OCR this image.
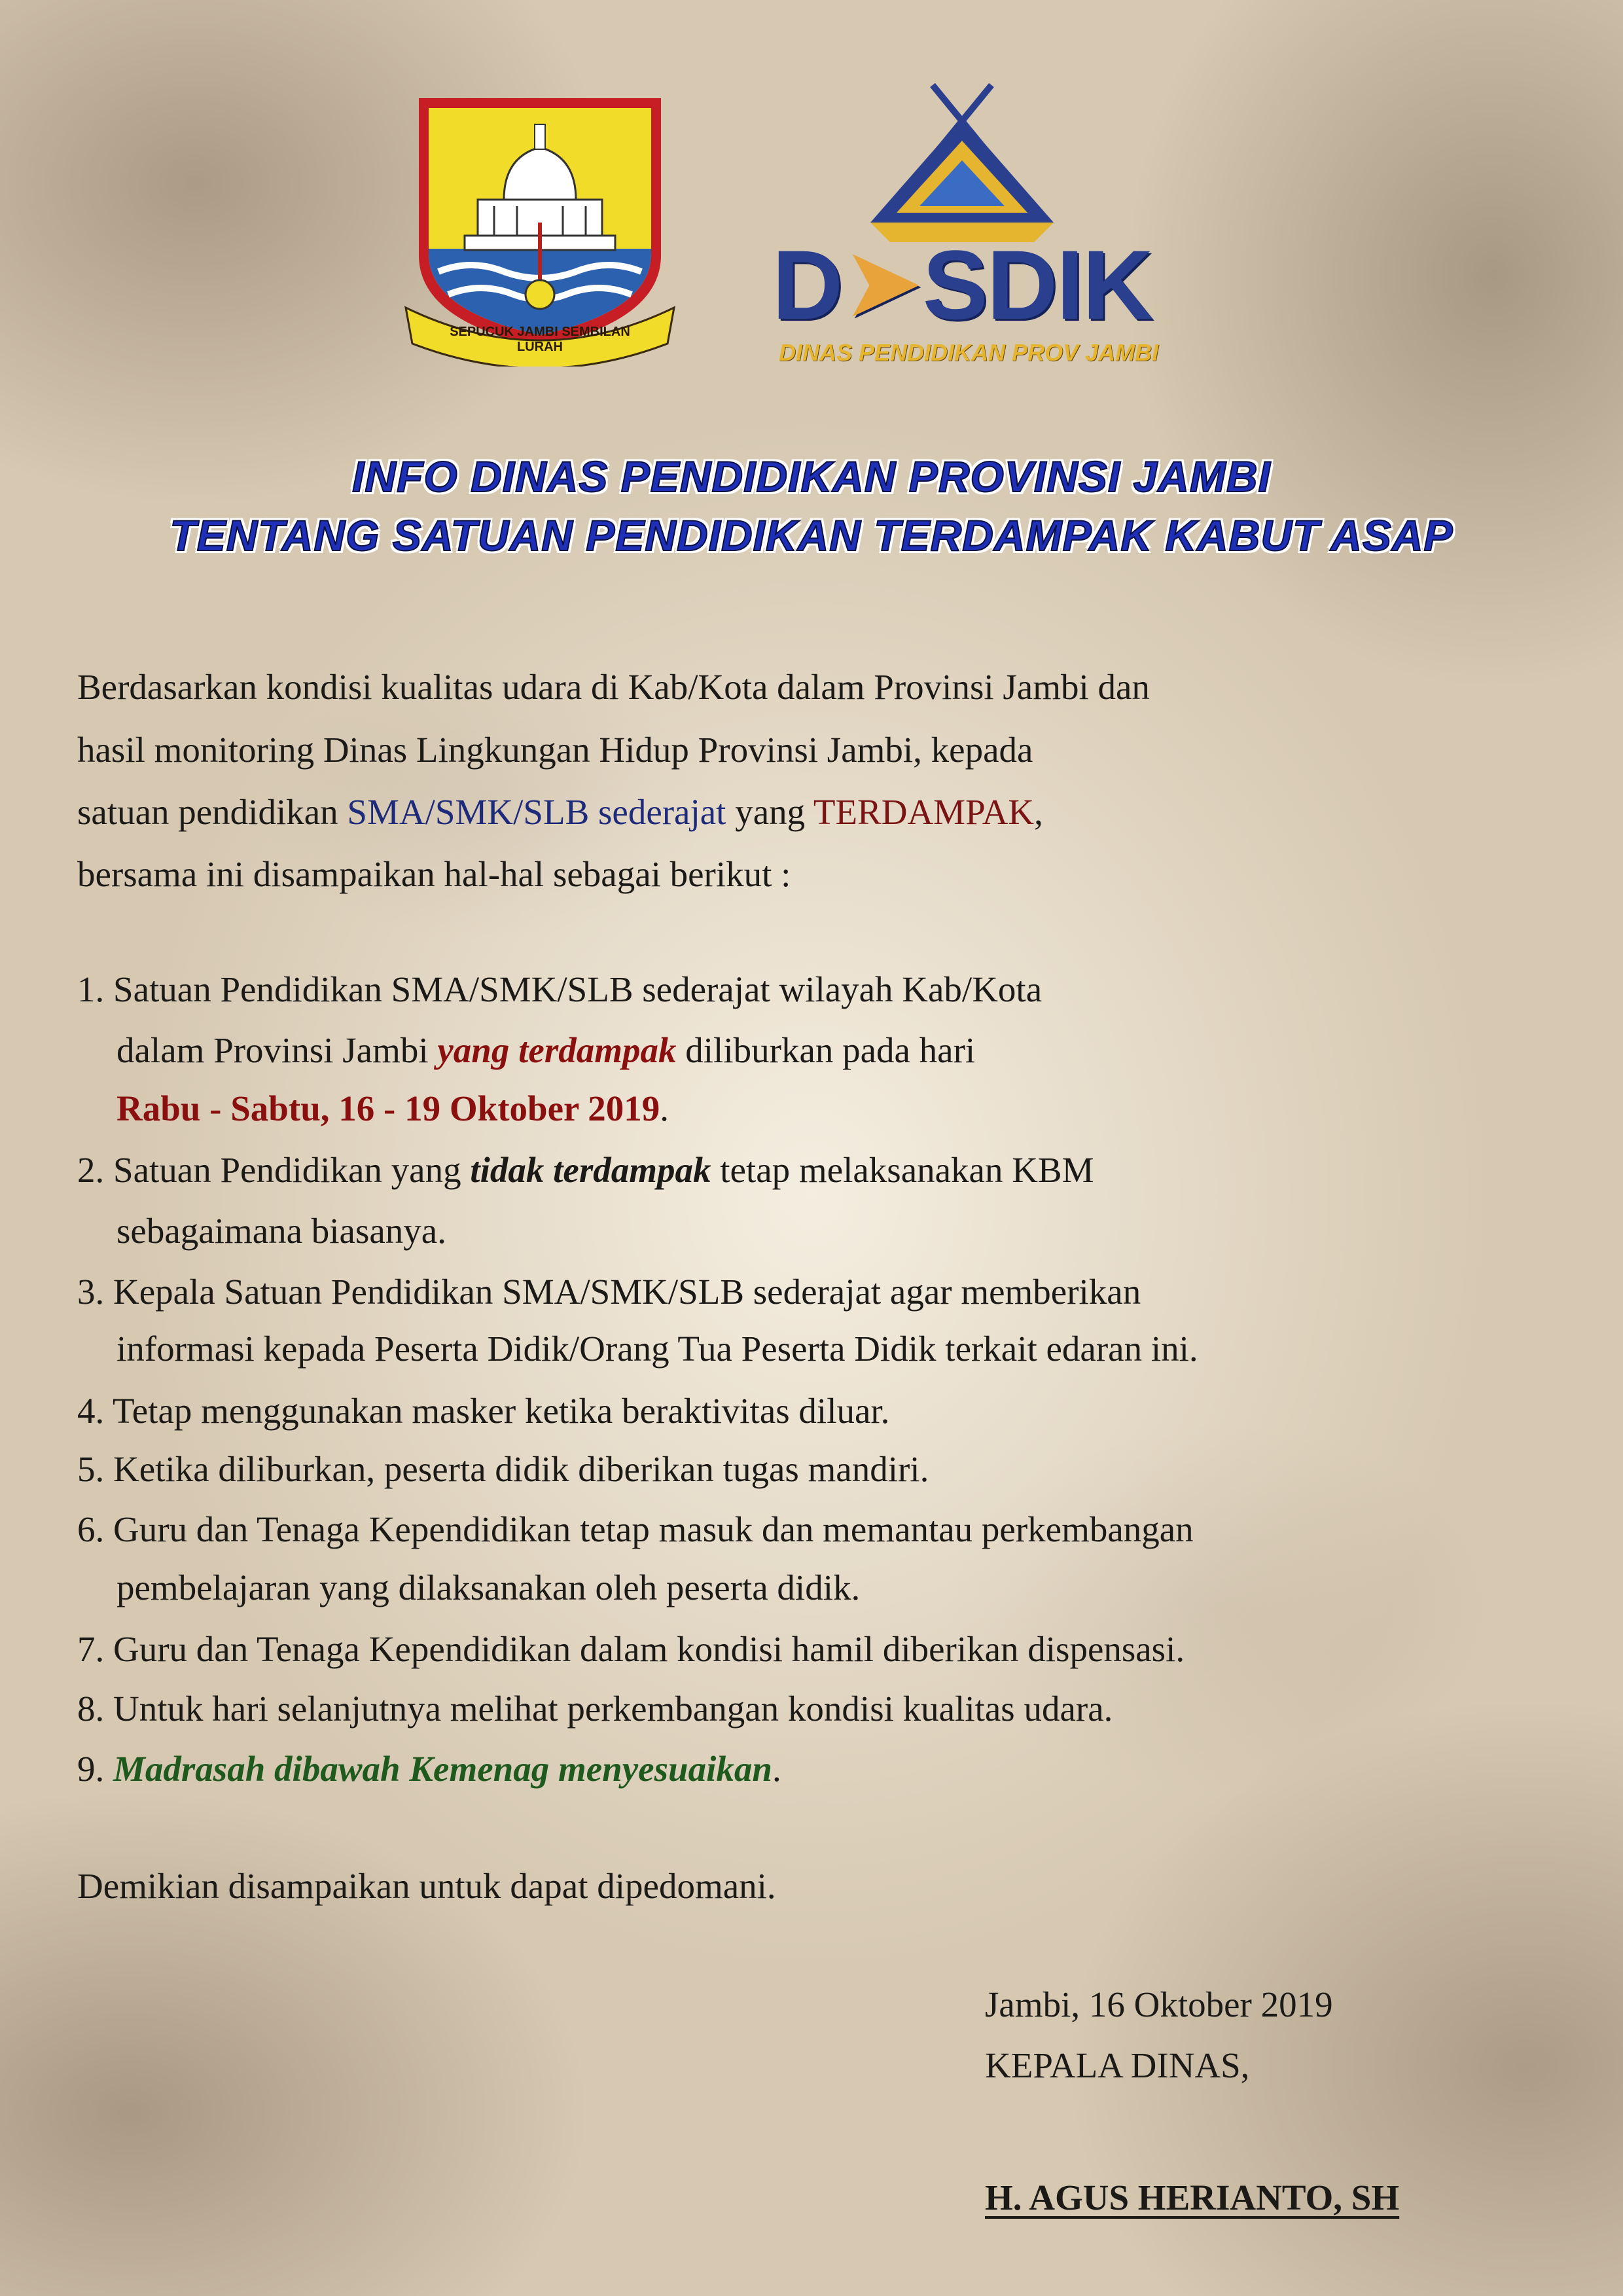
SEPUCUK JAMBI SEMBILAN LURAH
D➤SDIK
DINAS PENDIDIKAN PROV JAMBI
INFO DINAS PENDIDIKAN PROVINSI JAMBI
TENTANG SATUAN PENDIDIKAN TERDAMPAK KABUT ASAP
Berdasarkan kondisi kualitas udara di Kab/Kota dalam Provinsi Jambi dan
hasil monitoring Dinas Lingkungan Hidup Provinsi Jambi, kepada
satuan pendidikan SMA/SMK/SLB sederajat yang TERDAMPAK,
bersama ini disampaikan hal-hal sebagai berikut :
1. Satuan Pendidikan SMA/SMK/SLB sederajat wilayah Kab/Kota
dalam Provinsi Jambi yang terdampak diliburkan pada hari
Rabu - Sabtu, 16 - 19 Oktober 2019.
2. Satuan Pendidikan yang tidak terdampak tetap melaksanakan KBM
sebagaimana biasanya.
3. Kepala Satuan Pendidikan SMA/SMK/SLB sederajat agar memberikan
informasi kepada Peserta Didik/Orang Tua Peserta Didik terkait edaran ini.
4. Tetap menggunakan masker ketika beraktivitas diluar.
5. Ketika diliburkan, peserta didik diberikan tugas mandiri.
6. Guru dan Tenaga Kependidikan tetap masuk dan memantau perkembangan
pembelajaran yang dilaksanakan oleh peserta didik.
7. Guru dan Tenaga Kependidikan dalam kondisi hamil diberikan dispensasi.
8. Untuk hari selanjutnya melihat perkembangan kondisi kualitas udara.
9. Madrasah dibawah Kemenag menyesuaikan.
Demikian disampaikan untuk dapat dipedomani.
Jambi, 16 Oktober 2019
KEPALA DINAS,
H. AGUS HERIANTO, SH
